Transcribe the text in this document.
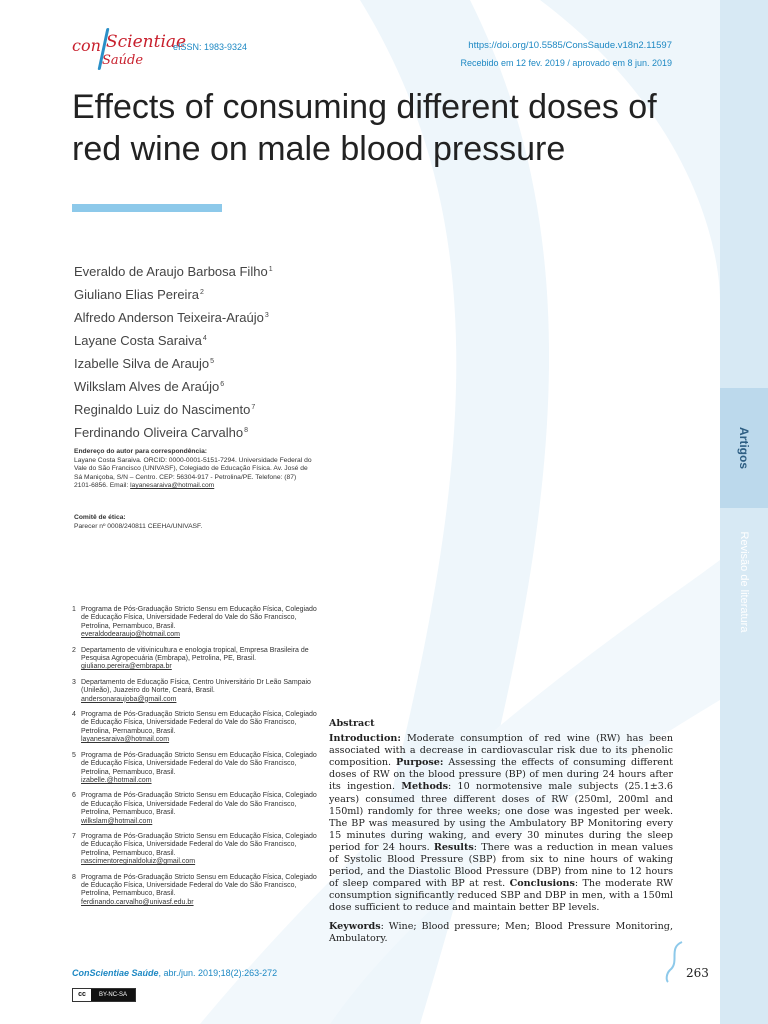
Artigos
Revisão de literatura
con Scientiae
Saúde
eISSN: 1983-9324	https://doi.org/10.5585/ConsSaude.v18n2.11597
Recebido em 12 fev. 2019 / aprovado em 8 jun. 2019
Effects of consuming different doses of red wine on male blood pressure
Everaldo de Araujo Barbosa Filho$^1$
Giuliano Elias Pereira$^2$
Alfredo Anderson Teixeira-Araújo$^3$
Layane Costa Saraiva$^4$
Izabelle Silva de Araujo$^5$
Wilkslam Alves de Araújo$^6$
Reginaldo Luiz do Nascimento$^7$
Ferdinando Oliveira Carvalho$^8$
Endereço do autor para correspondência:
Layane Costa Saraiva. ORCID: 0000-0001-5151-7294. Universidade Federal do Vale do São Francisco (UNIVASF), Colegiado de Educação Física. Av. José de Sá Maniçoba, S/N – Centro. CEP: 56304-917 - Petrolina/PE. Telefone: (87) 2101-6856. Email: layanesaraiva@hotmail.com
Comitê de ética:
Parecer nº 0008/240811 CEEHA/UNIVASF.
1 Programa de Pós-Graduação Stricto Sensu em Educação Física, Colegiado de Educação Física, Universidade Federal do Vale do São Francisco, Petrolina, Pernambuco, Brasil.
everaldodearaujo@hotmail.com
2 Departamento de vitivinicultura e enologia tropical, Empresa Brasileira de Pesquisa Agropecuária (Embrapa), Petrolina, PE, Brasil.
giuliano.pereira@embrapa.br
3 Departamento de Educação Física, Centro Universitário Dr Leão Sampaio (Unileão), Juazeiro do Norte, Ceará, Brasil.
andersonaraujoba@gmail.com
4 Programa de Pós-Graduação Stricto Sensu em Educação Física, Colegiado de Educação Física, Universidade Federal do Vale do São Francisco, Petrolina, Pernambuco, Brasil.
layanesaraiva@hotmail.com
5 Programa de Pós-Graduação Stricto Sensu em Educação Física, Colegiado de Educação Física, Universidade Federal do Vale do São Francisco, Petrolina, Pernambuco, Brasil.
izabelle.@hotmail.com
6 Programa de Pós-Graduação Stricto Sensu em Educação Física, Colegiado de Educação Física, Universidade Federal do Vale do São Francisco, Petrolina, Pernambuco, Brasil.
wilkslam@hotmail.com
7 Programa de Pós-Graduação Stricto Sensu em Educação Física, Colegiado de Educação Física, Universidade Federal do Vale do São Francisco, Petrolina, Pernambuco, Brasil.
nascimentoreginaldoluiz@gmail.com
8 Programa de Pós-Graduação Stricto Sensu em Educação Física, Colegiado de Educação Física, Universidade Federal do Vale do São Francisco, Petrolina, Pernambuco, Brasil.
ferdinando.carvalho@univasf.edu.br
Abstract
Introduction: Moderate consumption of red wine (RW) has been associated with a decrease in cardiovascular risk due to its phenolic composition. Purpose: Assessing the effects of consuming different doses of RW on the blood pressure (BP) of men during 24 hours after its ingestion. Methods: 10 normotensive male subjects (25.1±3.6 years) consumed three different doses of RW (250ml, 200ml and 150ml) randomly for three weeks; one dose was ingested per week. The BP was measured by using the Ambulatory BP Monitoring every 15 minutes during waking, and every 30 minutes during the sleep period for 24 hours. Results: There was a reduction in mean values of Systolic Blood Pressure (SBP) from six to nine hours of waking period, and the Diastolic Blood Pressure (DBP) from nine to 12 hours of sleep compared with BP at rest. Conclusions: The moderate RW consumption significantly reduced SBP and DBP in men, with a 150ml dose sufficient to reduce and maintain better BP levels.
Keywords: Wine; Blood pressure; Men; Blood Pressure Monitoring, Ambulatory.
ConScientiae Saúde, abr./jun. 2019;18(2):263-272	263
cc	BY-NC-SA
